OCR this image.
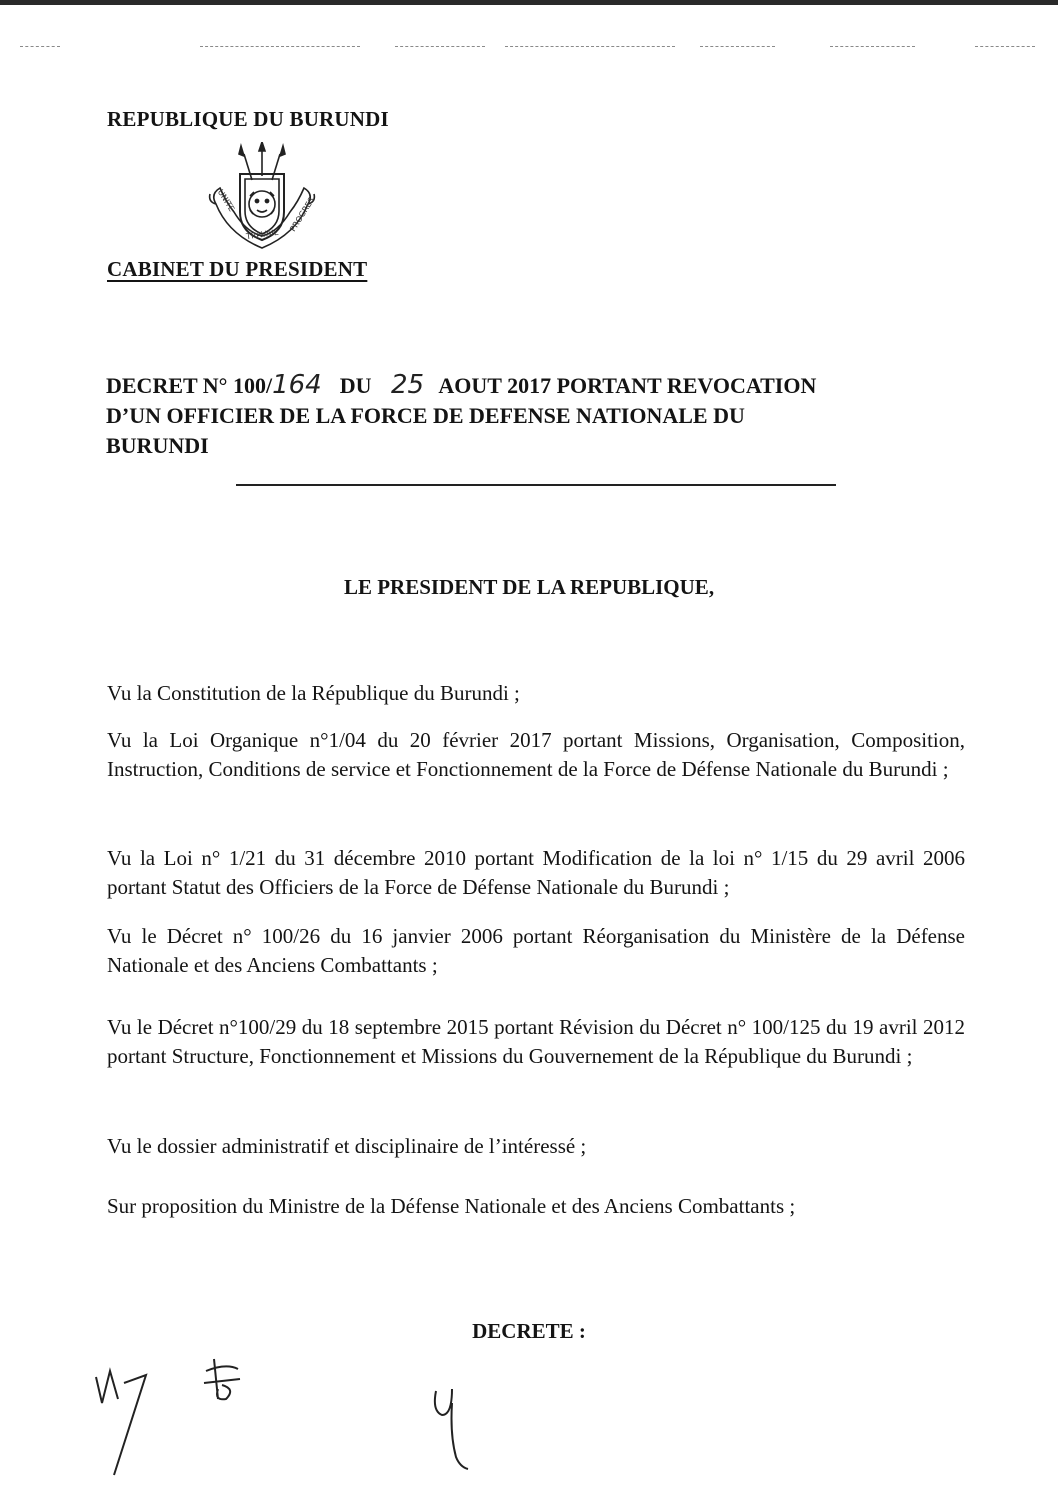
REPUBLIQUE DU BURUNDI
UNITE
TRAVAIL
PROGRES
CABINET DU PRESIDENT
DECRET N° 100/164 DU 25 AOUT 2017 PORTANT REVOCATION
D’UN OFFICIER DE LA FORCE DE DEFENSE NATIONALE DU
BURUNDI
LE PRESIDENT DE LA REPUBLIQUE,
Vu la Constitution de la République du Burundi ;
Vu la Loi Organique n°1/04 du 20 février 2017 portant Missions, Organisation, Composition, Instruction, Conditions de service et Fonctionnement de la Force de Défense Nationale du Burundi ;
Vu la Loi n° 1/21 du 31 décembre 2010 portant Modification de la loi n° 1/15 du 29 avril 2006 portant Statut des Officiers de la Force de Défense Nationale du Burundi ;
Vu le Décret n° 100/26 du 16 janvier 2006 portant Réorganisation du Ministère de la Défense Nationale et des Anciens Combattants ;
Vu le Décret n°100/29 du 18 septembre 2015 portant Révision du Décret n° 100/125 du 19 avril 2012 portant Structure, Fonctionnement et Missions du Gouvernement de la République du Burundi ;
Vu le dossier administratif et disciplinaire de l’intéressé ;
Sur proposition du Ministre de la Défense Nationale et des Anciens Combattants ;
DECRETE :
